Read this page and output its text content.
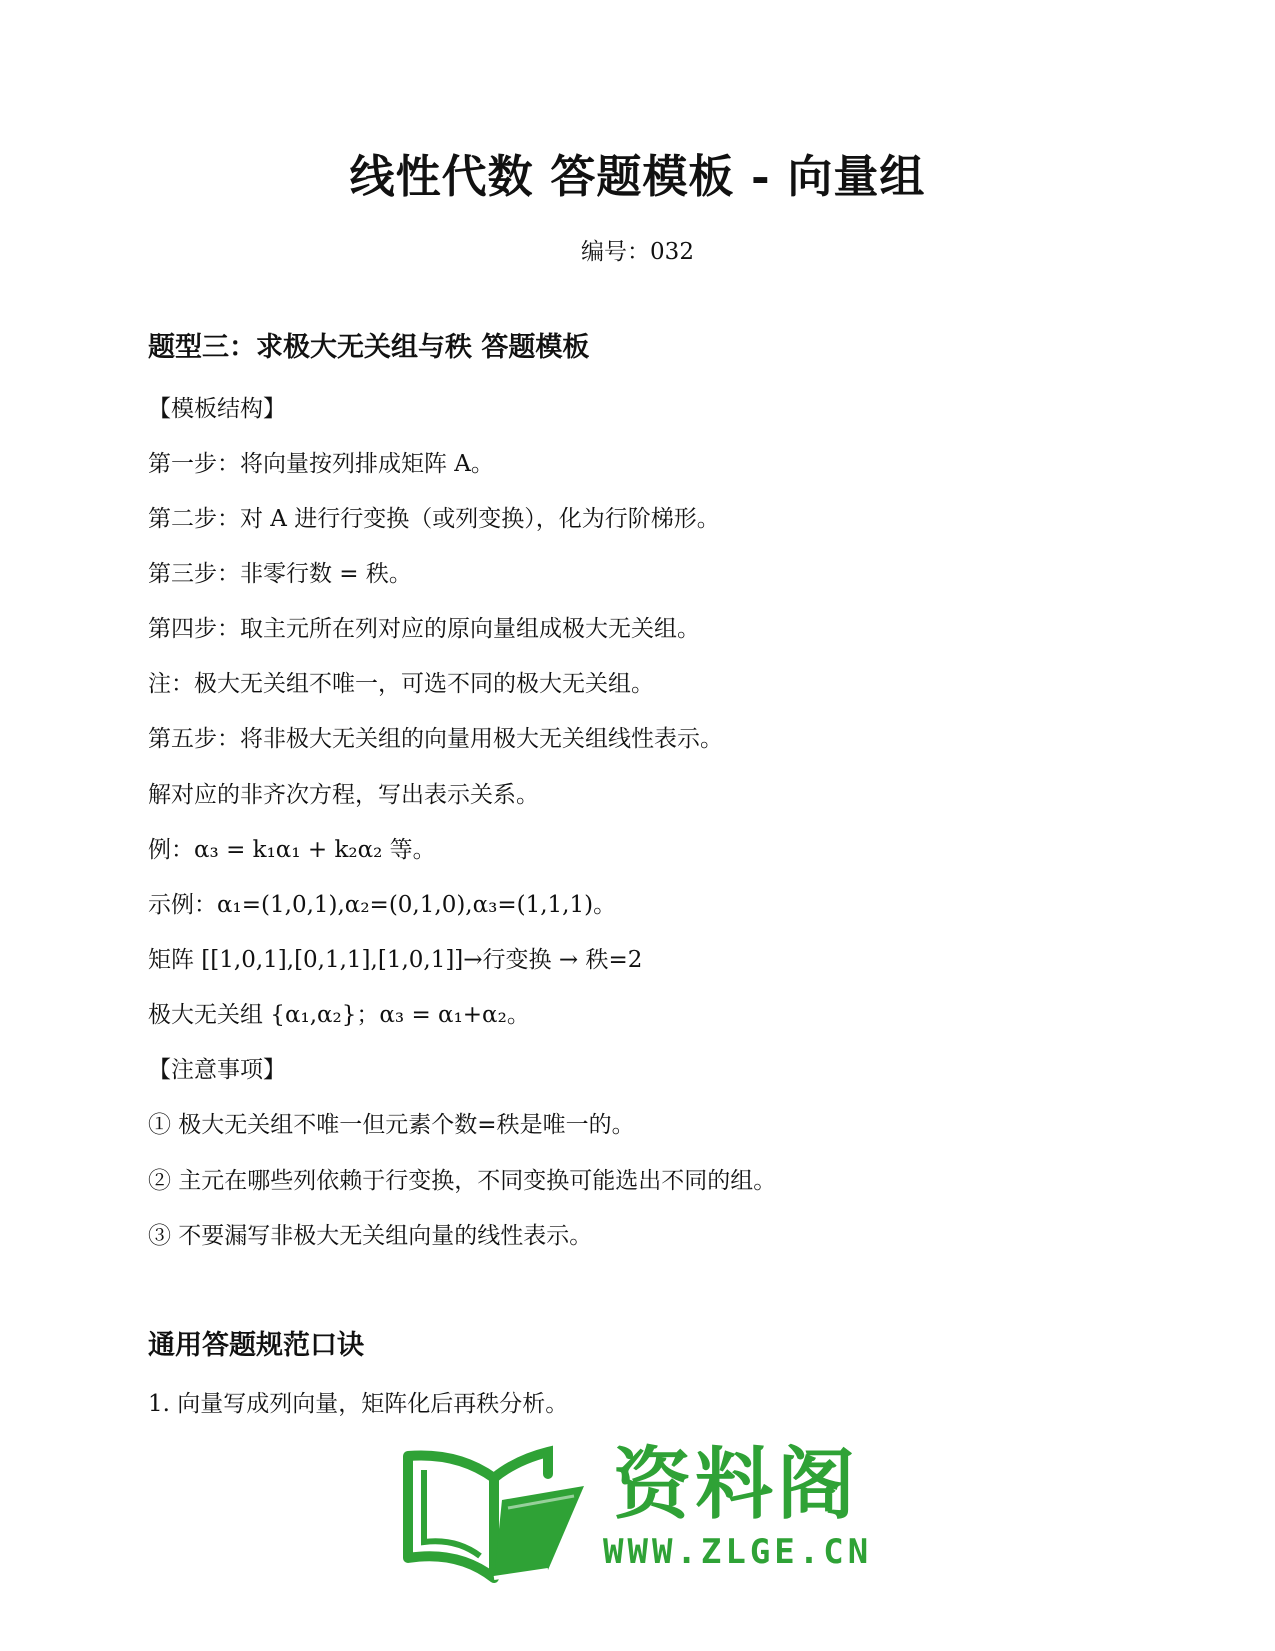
线性代数 答题模板 - 向量组
编号：032
题型三：求极大无关组与秩 答题模板
【模板结构】
第一步：将向量按列排成矩阵 A。
第二步：对 A 进行行变换（或列变换），化为行阶梯形。
第三步：非零行数 = 秩。
第四步：取主元所在列对应的原向量组成极大无关组。
注：极大无关组不唯一，可选不同的极大无关组。
第五步：将非极大无关组的向量用极大无关组线性表示。
解对应的非齐次方程，写出表示关系。
例：α₃ = k₁α₁ + k₂α₂ 等。
示例：α₁=(1,0,1),α₂=(0,1,0),α₃=(1,1,1)。
矩阵 [[1,0,1],[0,1,1],[1,0,1]]→行变换 → 秩=2
极大无关组 {α₁,α₂}；α₃ = α₁+α₂。
【注意事项】
① 极大无关组不唯一但元素个数=秩是唯一的。
② 主元在哪些列依赖于行变换，不同变换可能选出不同的组。
③ 不要漏写非极大无关组向量的线性表示。
通用答题规范口诀
1. 向量写成列向量，矩阵化后再秩分析。
资料阁
WWW.ZLGE.CN
